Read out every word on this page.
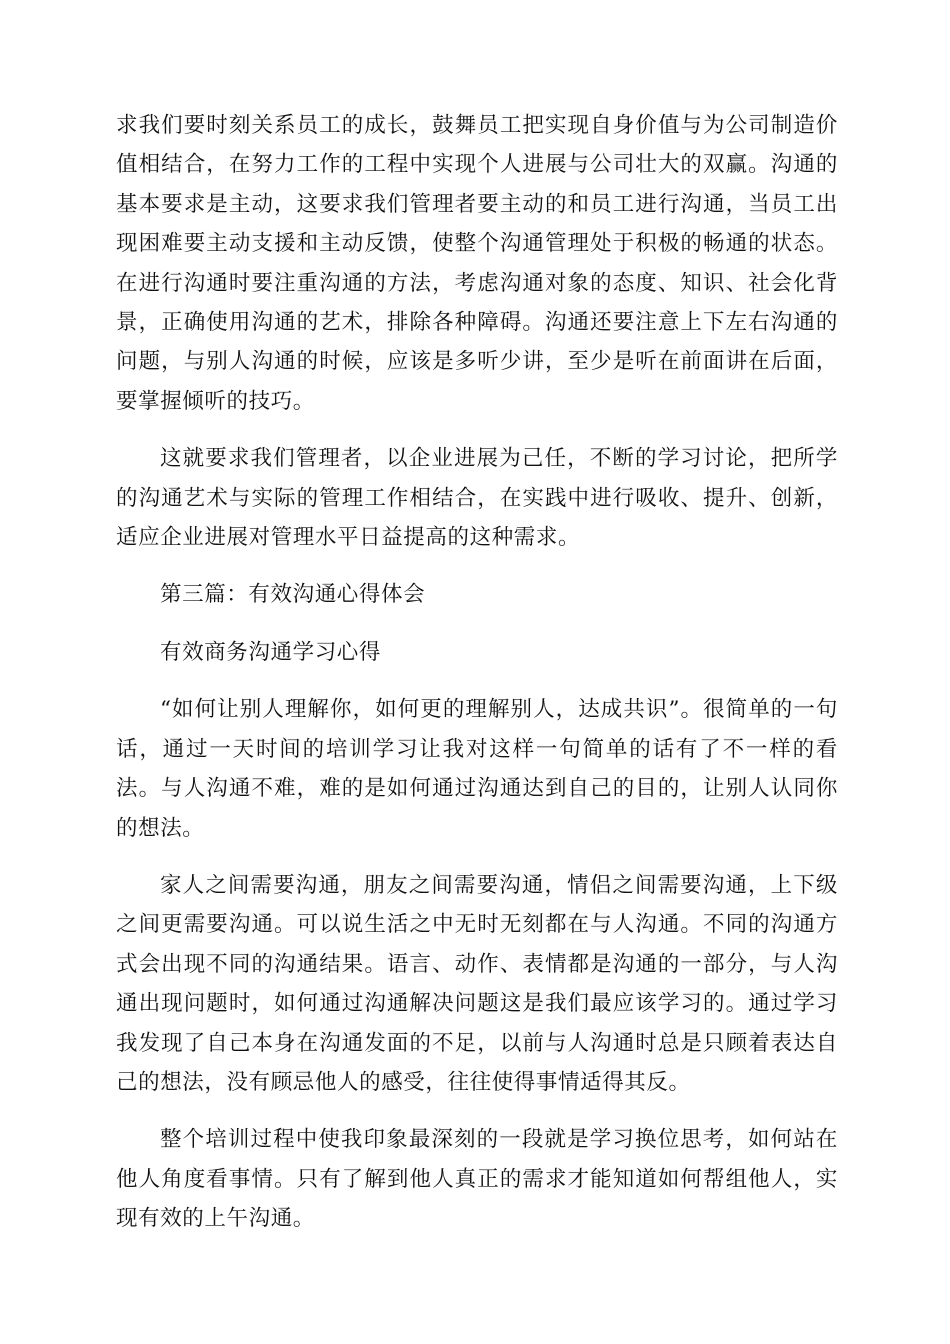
求我们要时刻关系员工的成长，鼓舞员工把实现自身价值与为公司制造价值相结合，在努力工作的工程中实现个人进展与公司壮大的双赢。沟通的基本要求是主动，这要求我们管理者要主动的和员工进行沟通，当员工出现困难要主动支援和主动反馈，使整个沟通管理处于积极的畅通的状态。在进行沟通时要注重沟通的方法，考虑沟通对象的态度、知识、社会化背景，正确使用沟通的艺术，排除各种障碍。沟通还要注意上下左右沟通的问题，与别人沟通的时候，应该是多听少讲，至少是听在前面讲在后面，要掌握倾听的技巧。

这就要求我们管理者，以企业进展为己任，不断的学习讨论，把所学的沟通艺术与实际的管理工作相结合，在实践中进行吸收、提升、创新，适应企业进展对管理水平日益提高的这种需求。

第三篇：有效沟通心得体会

有效商务沟通学习心得

“如何让别人理解你，如何更的理解别人，达成共识”。很简单的一句话，通过一天时间的培训学习让我对这样一句简单的话有了不一样的看法。与人沟通不难，难的是如何通过沟通达到自己的目的，让别人认同你的想法。

家人之间需要沟通，朋友之间需要沟通，情侣之间需要沟通，上下级之间更需要沟通。可以说生活之中无时无刻都在与人沟通。不同的沟通方式会出现不同的沟通结果。语言、动作、表情都是沟通的一部分，与人沟通出现问题时，如何通过沟通解决问题这是我们最应该学习的。通过学习我发现了自己本身在沟通发面的不足，以前与人沟通时总是只顾着表达自己的想法，没有顾忌他人的感受，往往使得事情适得其反。

整个培训过程中使我印象最深刻的一段就是学习换位思考，如何站在他人角度看事情。只有了解到他人真正的需求才能知道如何帮组他人，实现有效的上午沟通。
